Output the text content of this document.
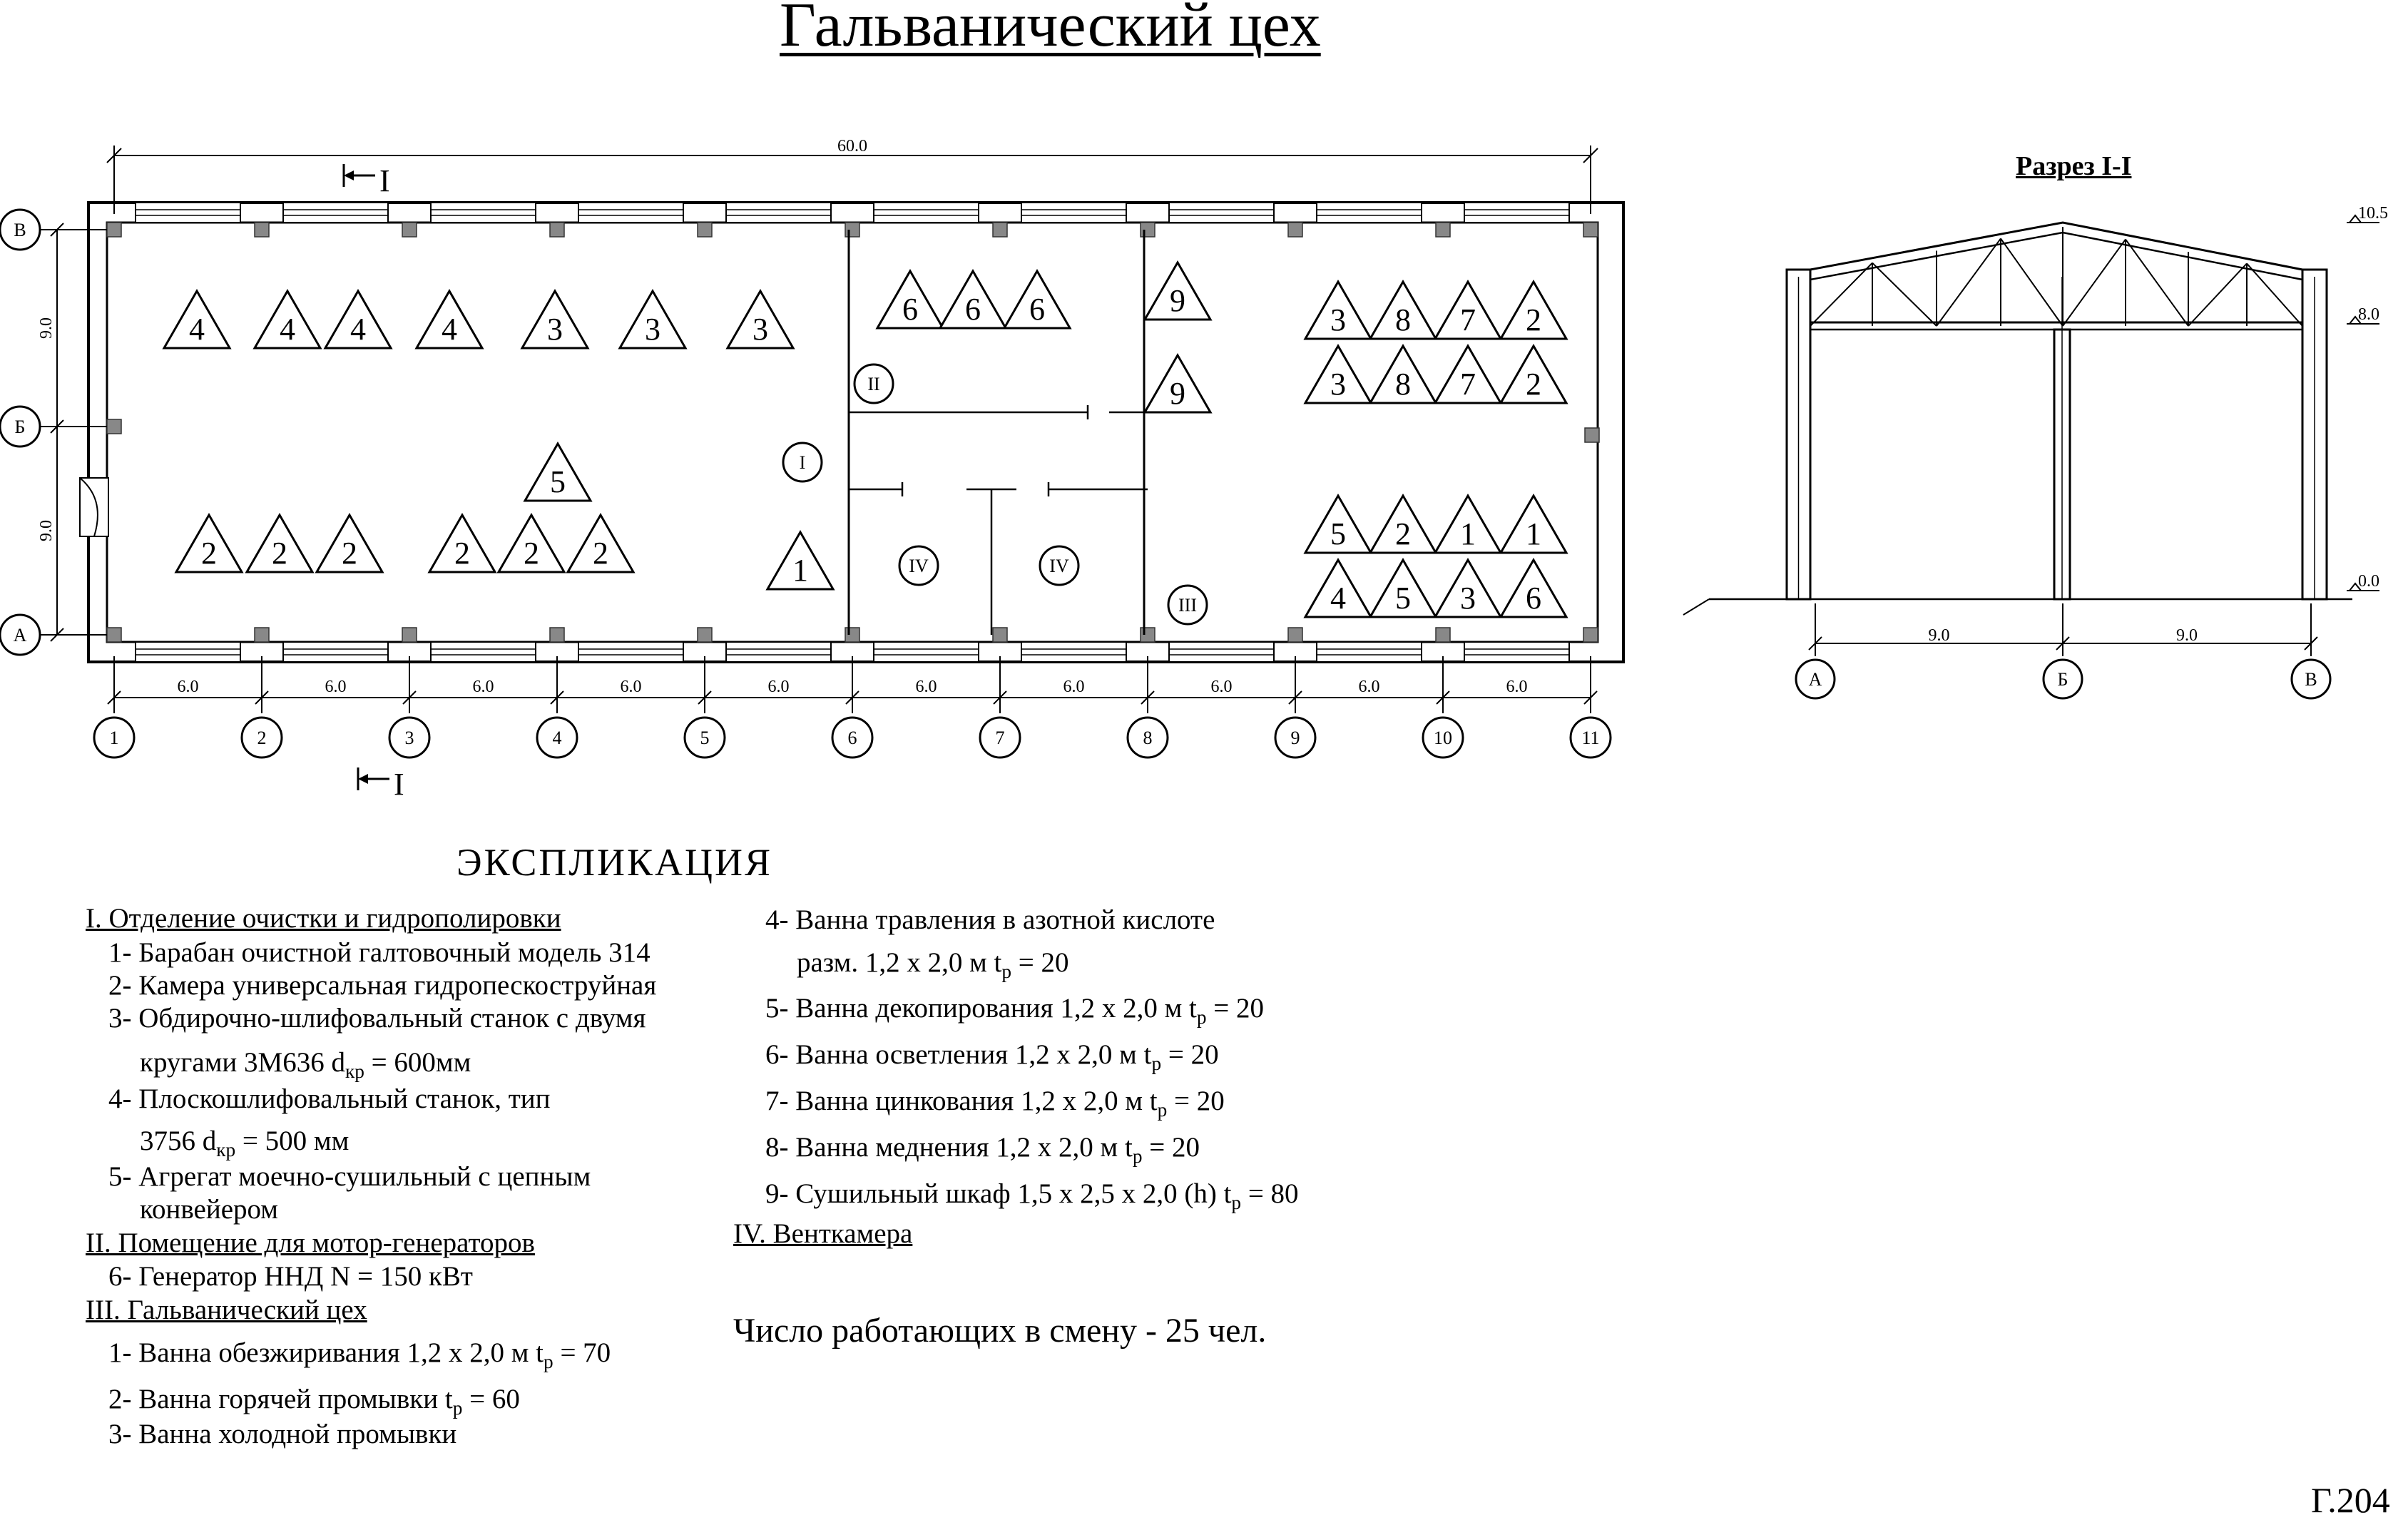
I
II
III
IV	IV
4 4 4 4	3	3	3
6 6 6	9
9
3 8 7 2
3 8 7 2
5
2 2 2	2 2 2	1
5 2 1 1
4 5 3 6
60.0
6.0	6.0	6.0	6.0	6.0	6.0	6.0	6.0	6.0	6.0
1	2	3	4	5	6	7	8	9	10	11
В
Б
А
9.0
9.0
I
I
10.5
8.0
0.0
9.0	9.0
А	Б	В
Гальванический цех
Разрез I-I
ЭКСПЛИКАЦИЯ
I. Отделение очистки и гидрополировки
1- Барабан очистной галтовочный модель 314
2- Камера универсальная гидропескоструйная
3- Обдирочно-шлифовальный станок с двумя
кругами 3М636 $d_{кр} = 600мм$
4- Плоскошлифовальный станок, тип
3756 $d_{кр} = 500$ мм
5- Агрегат моечно-сушильный с цепным
конвейером
II. Помещение для мотор-генераторов
6- Генератор ННД N = 150 кВт
III. Гальванический цех
1- Ванна обезжиривания 1,2 х 2,0 м $t_р = 70$
2- Ванна горячей промывки $t_р = 60$
3- Ванна холодной промывки
4- Ванна травления в азотной кислоте
разм. 1,2 х 2,0 м $t_р = 20$
5- Ванна декопирования 1,2 х 2,0 м $t_р = 20$
6- Ванна осветления 1,2 х 2,0 м $t_р = 20$
7- Ванна цинкования 1,2 х 2,0 м $t_р = 20$
8- Ванна меднения 1,2 х 2,0 м $t_р = 20$
9- Сушильный шкаф 1,5 х 2,5 х 2,0 (h) $t_р = 80$
IV. Венткамера
Число работающих в смену - 25 чел.
Г.204
